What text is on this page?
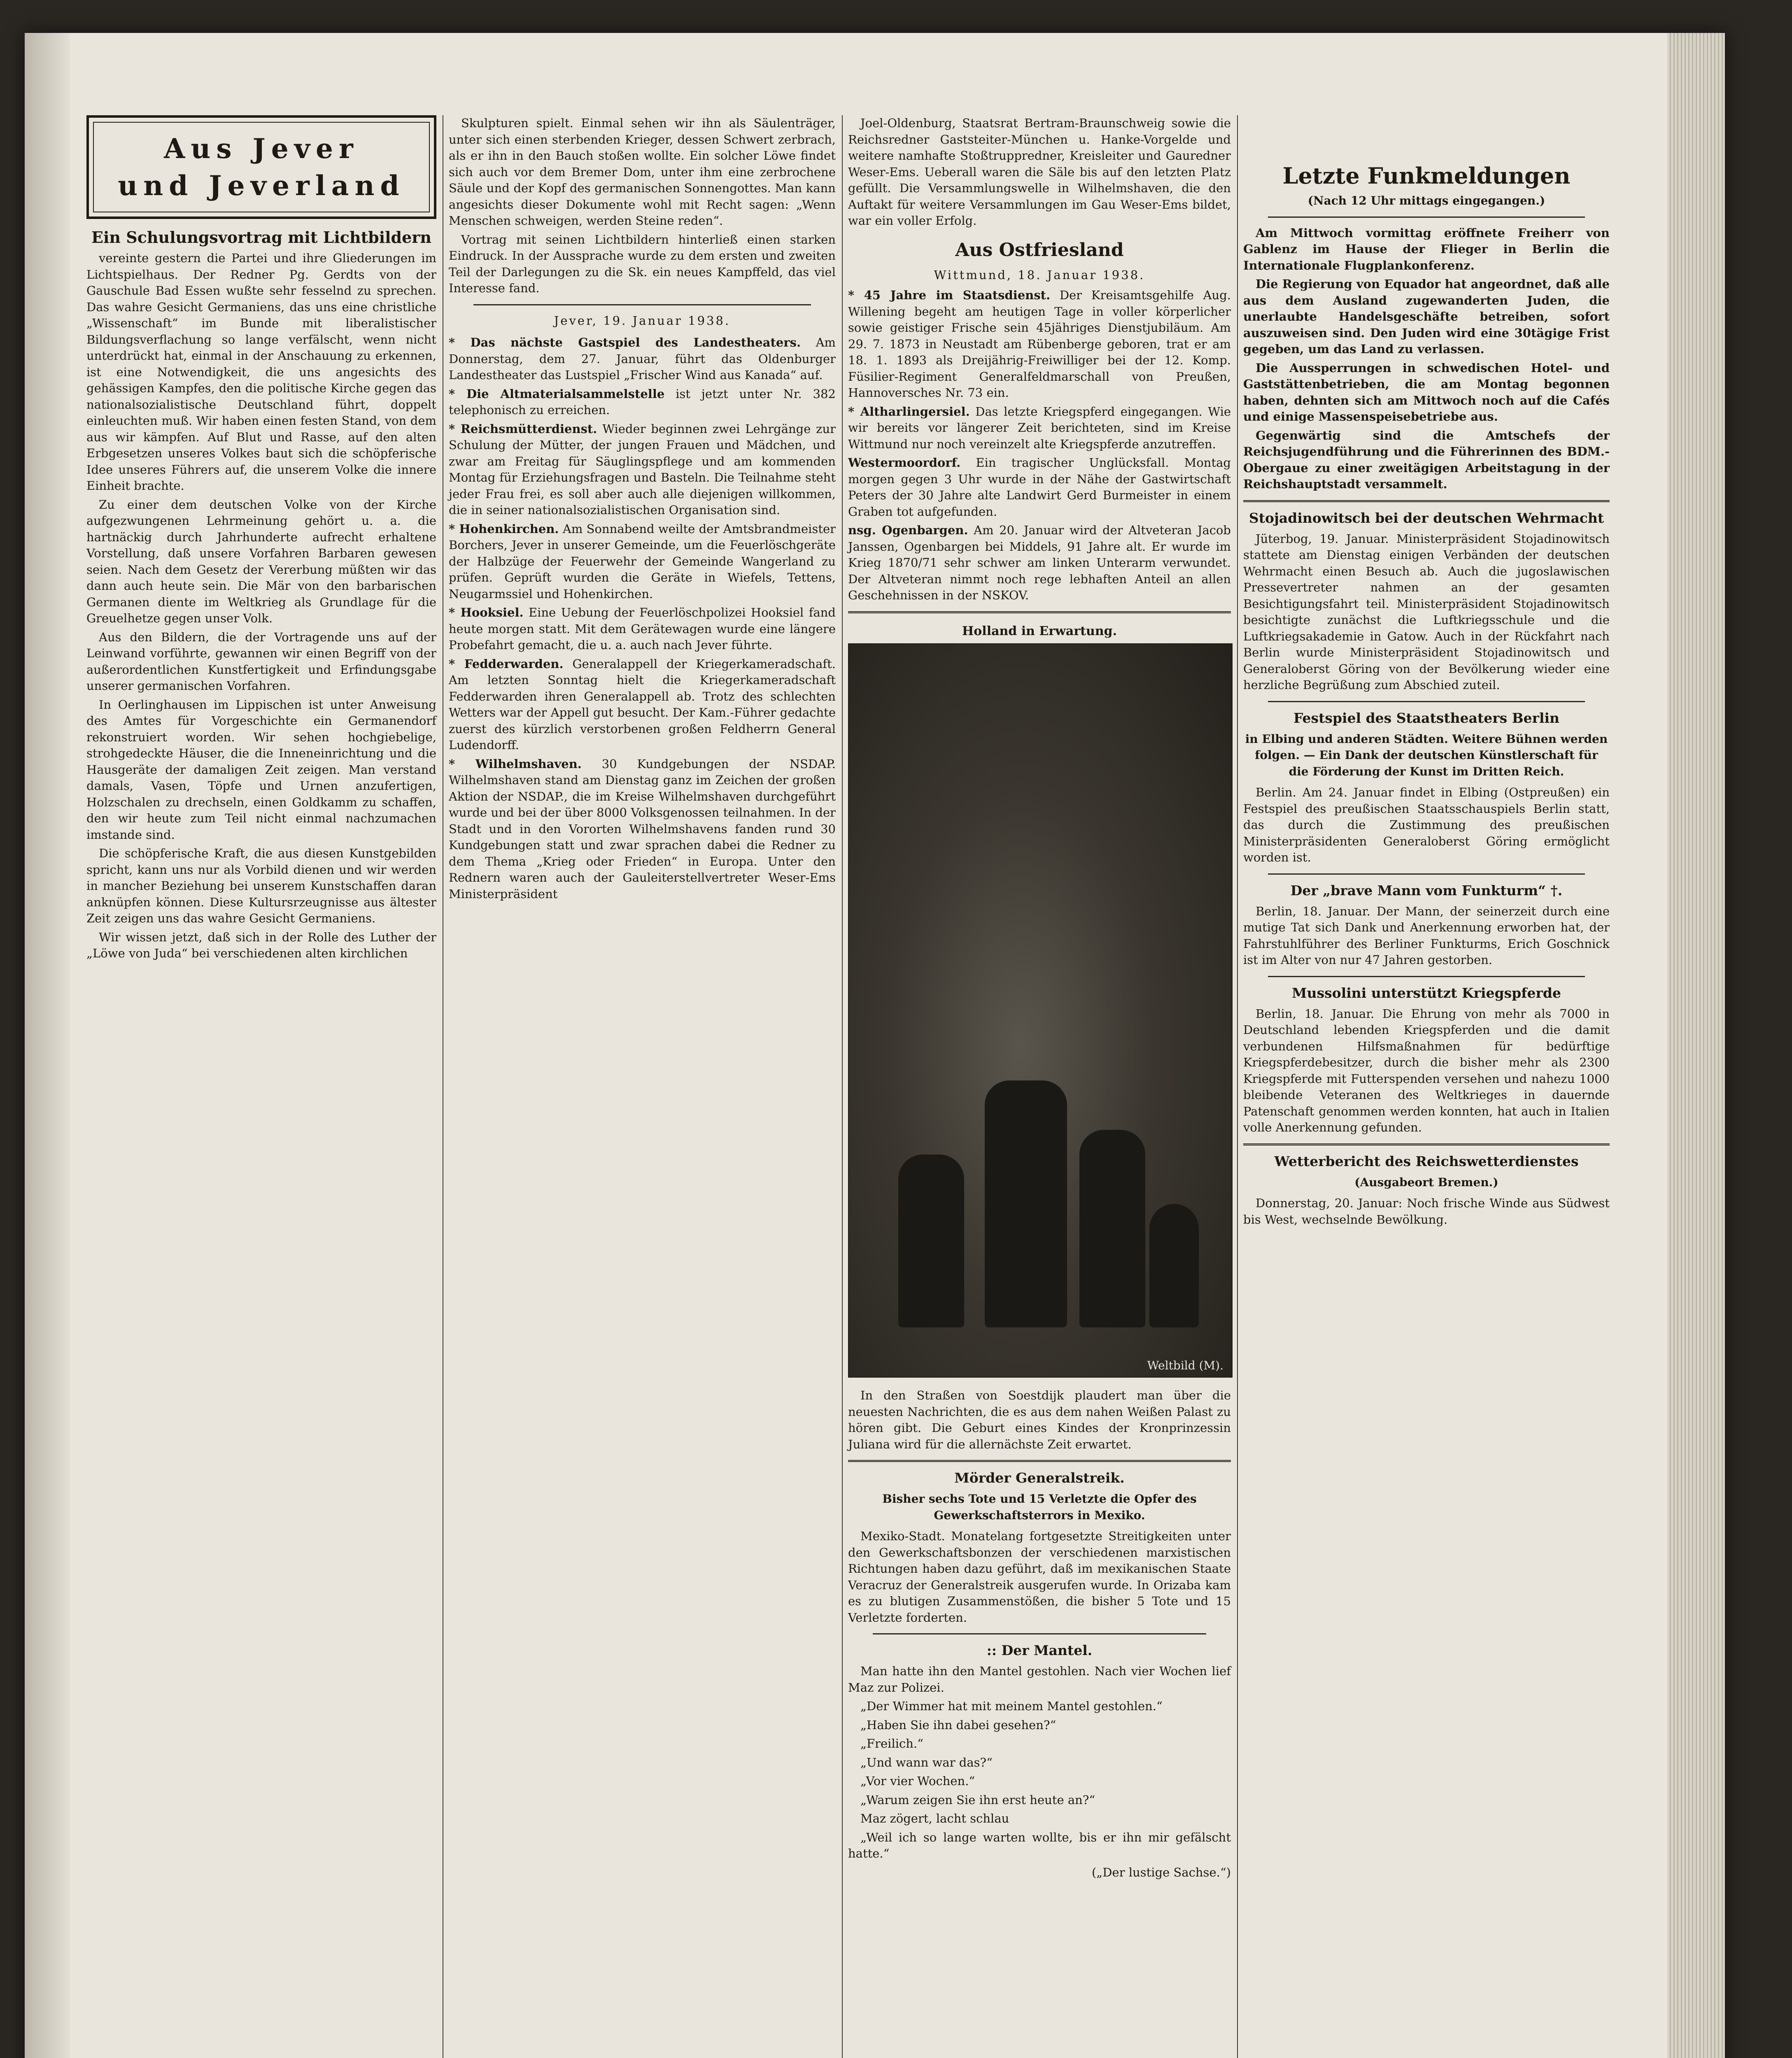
Aus Jever
und Jeverland
Ein Schulungsvortrag mit Lichtbildern

vereinte gestern die Partei und ihre Gliederungen im Lichtspielhaus. Der Redner Pg. Gerdts von der Gauschule Bad Essen wußte sehr fesselnd zu sprechen. Das wahre Gesicht Germaniens, das uns eine christliche „Wissenschaft“ im Bunde mit liberalistischer Bildungsverflachung so lange verfälscht, wenn nicht unterdrückt hat, einmal in der Anschauung zu erkennen, ist eine Notwendigkeit, die uns angesichts des gehässigen Kampfes, den die politische Kirche gegen das nationalsozialistische Deutschland führt, doppelt einleuchten muß. Wir haben einen festen Stand, von dem aus wir kämpfen. Auf Blut und Rasse, auf den alten Erbgesetzen unseres Volkes baut sich die schöpferische Idee unseres Führers auf, die unserem Volke die innere Einheit brachte.

Zu einer dem deutschen Volke von der Kirche aufgezwungenen Lehrmeinung gehört u. a. die hartnäckig durch Jahrhunderte aufrecht erhaltene Vorstellung, daß unsere Vorfahren Barbaren gewesen seien. Nach dem Gesetz der Vererbung müßten wir das dann auch heute sein. Die Mär von den barbarischen Germanen diente im Weltkrieg als Grundlage für die Greuelhetze gegen unser Volk.

Aus den Bildern, die der Vortragende uns auf der Leinwand vorführte, gewannen wir einen Begriff von der außerordentlichen Kunstfertigkeit und Erfindungsgabe unserer germanischen Vorfahren.

In Oerlinghausen im Lippischen ist unter Anweisung des Amtes für Vorgeschichte ein Germanendorf rekonstruiert worden. Wir sehen hochgiebelige, strohgedeckte Häuser, die die Inneneinrichtung und die Hausgeräte der damaligen Zeit zeigen. Man verstand damals, Vasen, Töpfe und Urnen anzufertigen, Holzschalen zu drechseln, einen Goldkamm zu schaffen, den wir heute zum Teil nicht einmal nachzumachen imstande sind.

Die schöpferische Kraft, die aus diesen Kunstgebilden spricht, kann uns nur als Vorbild dienen und wir werden in mancher Beziehung bei unserem Kunstschaffen daran anknüpfen können. Diese Kultursrzeugnisse aus ältester Zeit zeigen uns das wahre Gesicht Germaniens.

Wir wissen jetzt, daß sich in der Rolle des Luther der „Löwe von Juda“ bei verschiedenen alten kirchlichen

Skulpturen spielt. Einmal sehen wir ihn als Säulenträger, unter sich einen sterbenden Krieger, dessen Schwert zerbrach, als er ihn in den Bauch stoßen wollte. Ein solcher Löwe findet sich auch vor dem Bremer Dom, unter ihm eine zerbrochene Säule und der Kopf des germanischen Sonnengottes. Man kann angesichts dieser Dokumente wohl mit Recht sagen: „Wenn Menschen schweigen, werden Steine reden“.

Vortrag mit seinen Lichtbildern hinterließ einen starken Eindruck. In der Aussprache wurde zu dem ersten und zweiten Teil der Darlegungen zu die Sk. ein neues Kampffeld, das viel Interesse fand.

Jever, 19. Januar 1938.

* Das nächste Gastspiel des Landestheaters. Am Donnerstag, dem 27. Januar, führt das Oldenburger Landestheater das Lustspiel „Frischer Wind aus Kanada“ auf.

* Die Altmaterialsammelstelle ist jetzt unter Nr. 382 telephonisch zu erreichen.

* Reichsmütterdienst. Wieder beginnen zwei Lehrgänge zur Schulung der Mütter, der jungen Frauen und Mädchen, und zwar am Freitag für Säuglingspflege und am kommenden Montag für Erziehungsfragen und Basteln. Die Teilnahme steht jeder Frau frei, es soll aber auch alle diejenigen willkommen, die in seiner nationalsozialistischen Organisation sind.

* Hohenkirchen. Am Sonnabend weilte der Amtsbrandmeister Borchers, Jever in unserer Gemeinde, um die Feuerlöschgeräte der Halbzüge der Feuerwehr der Gemeinde Wangerland zu prüfen. Geprüft wurden die Geräte in Wiefels, Tettens, Neugarmssiel und Hohenkirchen.

* Hooksiel. Eine Uebung der Feuerlöschpolizei Hooksiel fand heute morgen statt. Mit dem Gerätewagen wurde eine längere Probefahrt gemacht, die u. a. auch nach Jever führte.

* Fedderwarden. Generalappell der Kriegerkameradschaft. Am letzten Sonntag hielt die Kriegerkameradschaft Fedderwarden ihren Generalappell ab. Trotz des schlechten Wetters war der Appell gut besucht. Der Kam.-Führer gedachte zuerst des kürzlich verstorbenen großen Feldherrn General Ludendorff.

* Wilhelmshaven. 30 Kundgebungen der NSDAP. Wilhelmshaven stand am Dienstag ganz im Zeichen der großen Aktion der NSDAP., die im Kreise Wilhelmshaven durchgeführt wurde und bei der über 8000 Volksgenossen teilnahmen. In der Stadt und in den Vororten Wilhelmshavens fanden rund 30 Kundgebungen statt und zwar sprachen dabei die Redner zu dem Thema „Krieg oder Frieden“ in Europa. Unter den Rednern waren auch der Gauleiterstellvertreter Weser-Ems Ministerpräsident

Joel-Oldenburg, Staatsrat Bertram-Braunschweig sowie die Reichsredner Gaststeiter-München u. Hanke-Vorgelde und weitere namhafte Stoßtruppredner, Kreisleiter und Gauredner Weser-Ems. Ueberall waren die Säle bis auf den letzten Platz gefüllt. Die Versammlungswelle in Wilhelmshaven, die den Auftakt für weitere Versammlungen im Gau Weser-Ems bildet, war ein voller Erfolg.

Aus Ostfriesland
Wittmund, 18. Januar 1938.

* 45 Jahre im Staatsdienst. Der Kreisamtsgehilfe Aug. Willening begeht am heutigen Tage in voller körperlicher sowie geistiger Frische sein 45jähriges Dienstjubiläum. Am 29. 7. 1873 in Neustadt am Rübenberge geboren, trat er am 18. 1. 1893 als Dreijährig-Freiwilliger bei der 12. Komp. Füsilier-Regiment Generalfeldmarschall von Preußen, Hannoversches Nr. 73 ein.

* Altharlingersiel. Das letzte Kriegspferd eingegangen. Wie wir bereits vor längerer Zeit berichteten, sind im Kreise Wittmund nur noch vereinzelt alte Kriegspferde anzutreffen.

Westermoordorf. Ein tragischer Unglücksfall. Montag morgen gegen 3 Uhr wurde in der Nähe der Gastwirtschaft Peters der 30 Jahre alte Landwirt Gerd Burmeister in einem Graben tot aufgefunden.

nsg. Ogenbargen. Am 20. Januar wird der Altveteran Jacob Janssen, Ogenbargen bei Middels, 91 Jahre alt. Er wurde im Krieg 1870/71 sehr schwer am linken Unterarm verwundet. Der Altveteran nimmt noch rege lebhaften Anteil an allen Geschehnissen in der NSKOV.

Holland in Erwartung.
Weltbild (M).

In den Straßen von Soestdijk plaudert man über die neuesten Nachrichten, die es aus dem nahen Weißen Palast zu hören gibt. Die Geburt eines Kindes der Kronprinzessin Juliana wird für die allernächste Zeit erwartet.

Mörder Generalstreik.
Bisher sechs Tote und 15 Verletzte die Opfer des Gewerkschaftsterrors in Mexiko.

Mexiko-Stadt. Monatelang fortgesetzte Streitigkeiten unter den Gewerkschaftsbonzen der verschiedenen marxistischen Richtungen haben dazu geführt, daß im mexikanischen Staate Veracruz der Generalstreik ausgerufen wurde. In Orizaba kam es zu blutigen Zusammenstößen, die bisher 5 Tote und 15 Verletzte forderten.

:: Der Mantel.

Man hatte ihn den Mantel gestohlen. Nach vier Wochen lief Maz zur Polizei.

„Der Wimmer hat mit meinem Mantel gestohlen.“

„Haben Sie ihn dabei gesehen?“

„Freilich.“

„Und wann war das?“

„Vor vier Wochen.“

„Warum zeigen Sie ihn erst heute an?“

Maz zögert, lacht schlau

„Weil ich so lange warten wollte, bis er ihn mir gefälscht hatte.“

(„Der lustige Sachse.“)
Letzte Funkmeldungen
(Nach 12 Uhr mittags eingegangen.)

Am Mittwoch vormittag eröffnete Freiherr von Gablenz im Hause der Flieger in Berlin die Internationale Flugplankonferenz.

Die Regierung von Equador hat angeordnet, daß alle aus dem Ausland zugewanderten Juden, die unerlaubte Handelsgeschäfte betreiben, sofort auszuweisen sind. Den Juden wird eine 30tägige Frist gegeben, um das Land zu verlassen.

Die Aussperrungen in schwedischen Hotel- und Gaststättenbetrieben, die am Montag begonnen haben, dehnten sich am Mittwoch noch auf die Cafés und einige Massenspeisebetriebe aus.

Gegenwärtig sind die Amtschefs der Reichsjugendführung und die Führerinnen des BDM.-Obergaue zu einer zweitägigen Arbeitstagung in der Reichshauptstadt versammelt.

Stojadinowitsch bei der deutschen Wehrmacht

Jüterbog, 19. Januar. Ministerpräsident Stojadinowitsch stattete am Dienstag einigen Verbänden der deutschen Wehrmacht einen Besuch ab. Auch die jugoslawischen Pressevertreter nahmen an der gesamten Besichtigungsfahrt teil. Ministerpräsident Stojadinowitsch besichtigte zunächst die Luftkriegsschule und die Luftkriegsakademie in Gatow. Auch in der Rückfahrt nach Berlin wurde Ministerpräsident Stojadinowitsch und Generaloberst Göring von der Bevölkerung wieder eine herzliche Begrüßung zum Abschied zuteil.

Festspiel des Staatstheaters Berlin
in Elbing und anderen Städten. Weitere Bühnen werden folgen. — Ein Dank der deutschen Künstlerschaft für die Förderung der Kunst im Dritten Reich.

Berlin. Am 24. Januar findet in Elbing (Ostpreußen) ein Festspiel des preußischen Staatsschauspiels Berlin statt, das durch die Zustimmung des preußischen Ministerpräsidenten Generaloberst Göring ermöglicht worden ist.

Der „brave Mann vom Funkturm“ †.

Berlin, 18. Januar. Der Mann, der seinerzeit durch eine mutige Tat sich Dank und Anerkennung erworben hat, der Fahrstuhlführer des Berliner Funkturms, Erich Goschnick ist im Alter von nur 47 Jahren gestorben.

Mussolini unterstützt Kriegspferde

Berlin, 18. Januar. Die Ehrung von mehr als 7000 in Deutschland lebenden Kriegspferden und die damit verbundenen Hilfsmaßnahmen für bedürftige Kriegspferdebesitzer, durch die bisher mehr als 2300 Kriegspferde mit Futterspenden versehen und nahezu 1000 bleibende Veteranen des Weltkrieges in dauernde Patenschaft genommen werden konnten, hat auch in Italien volle Anerkennung gefunden.

Wetterbericht des Reichswetterdienstes
(Ausgabeort Bremen.)

Donnerstag, 20. Januar: Noch frische Winde aus Südwest bis West, wechselnde Bewölkung.
